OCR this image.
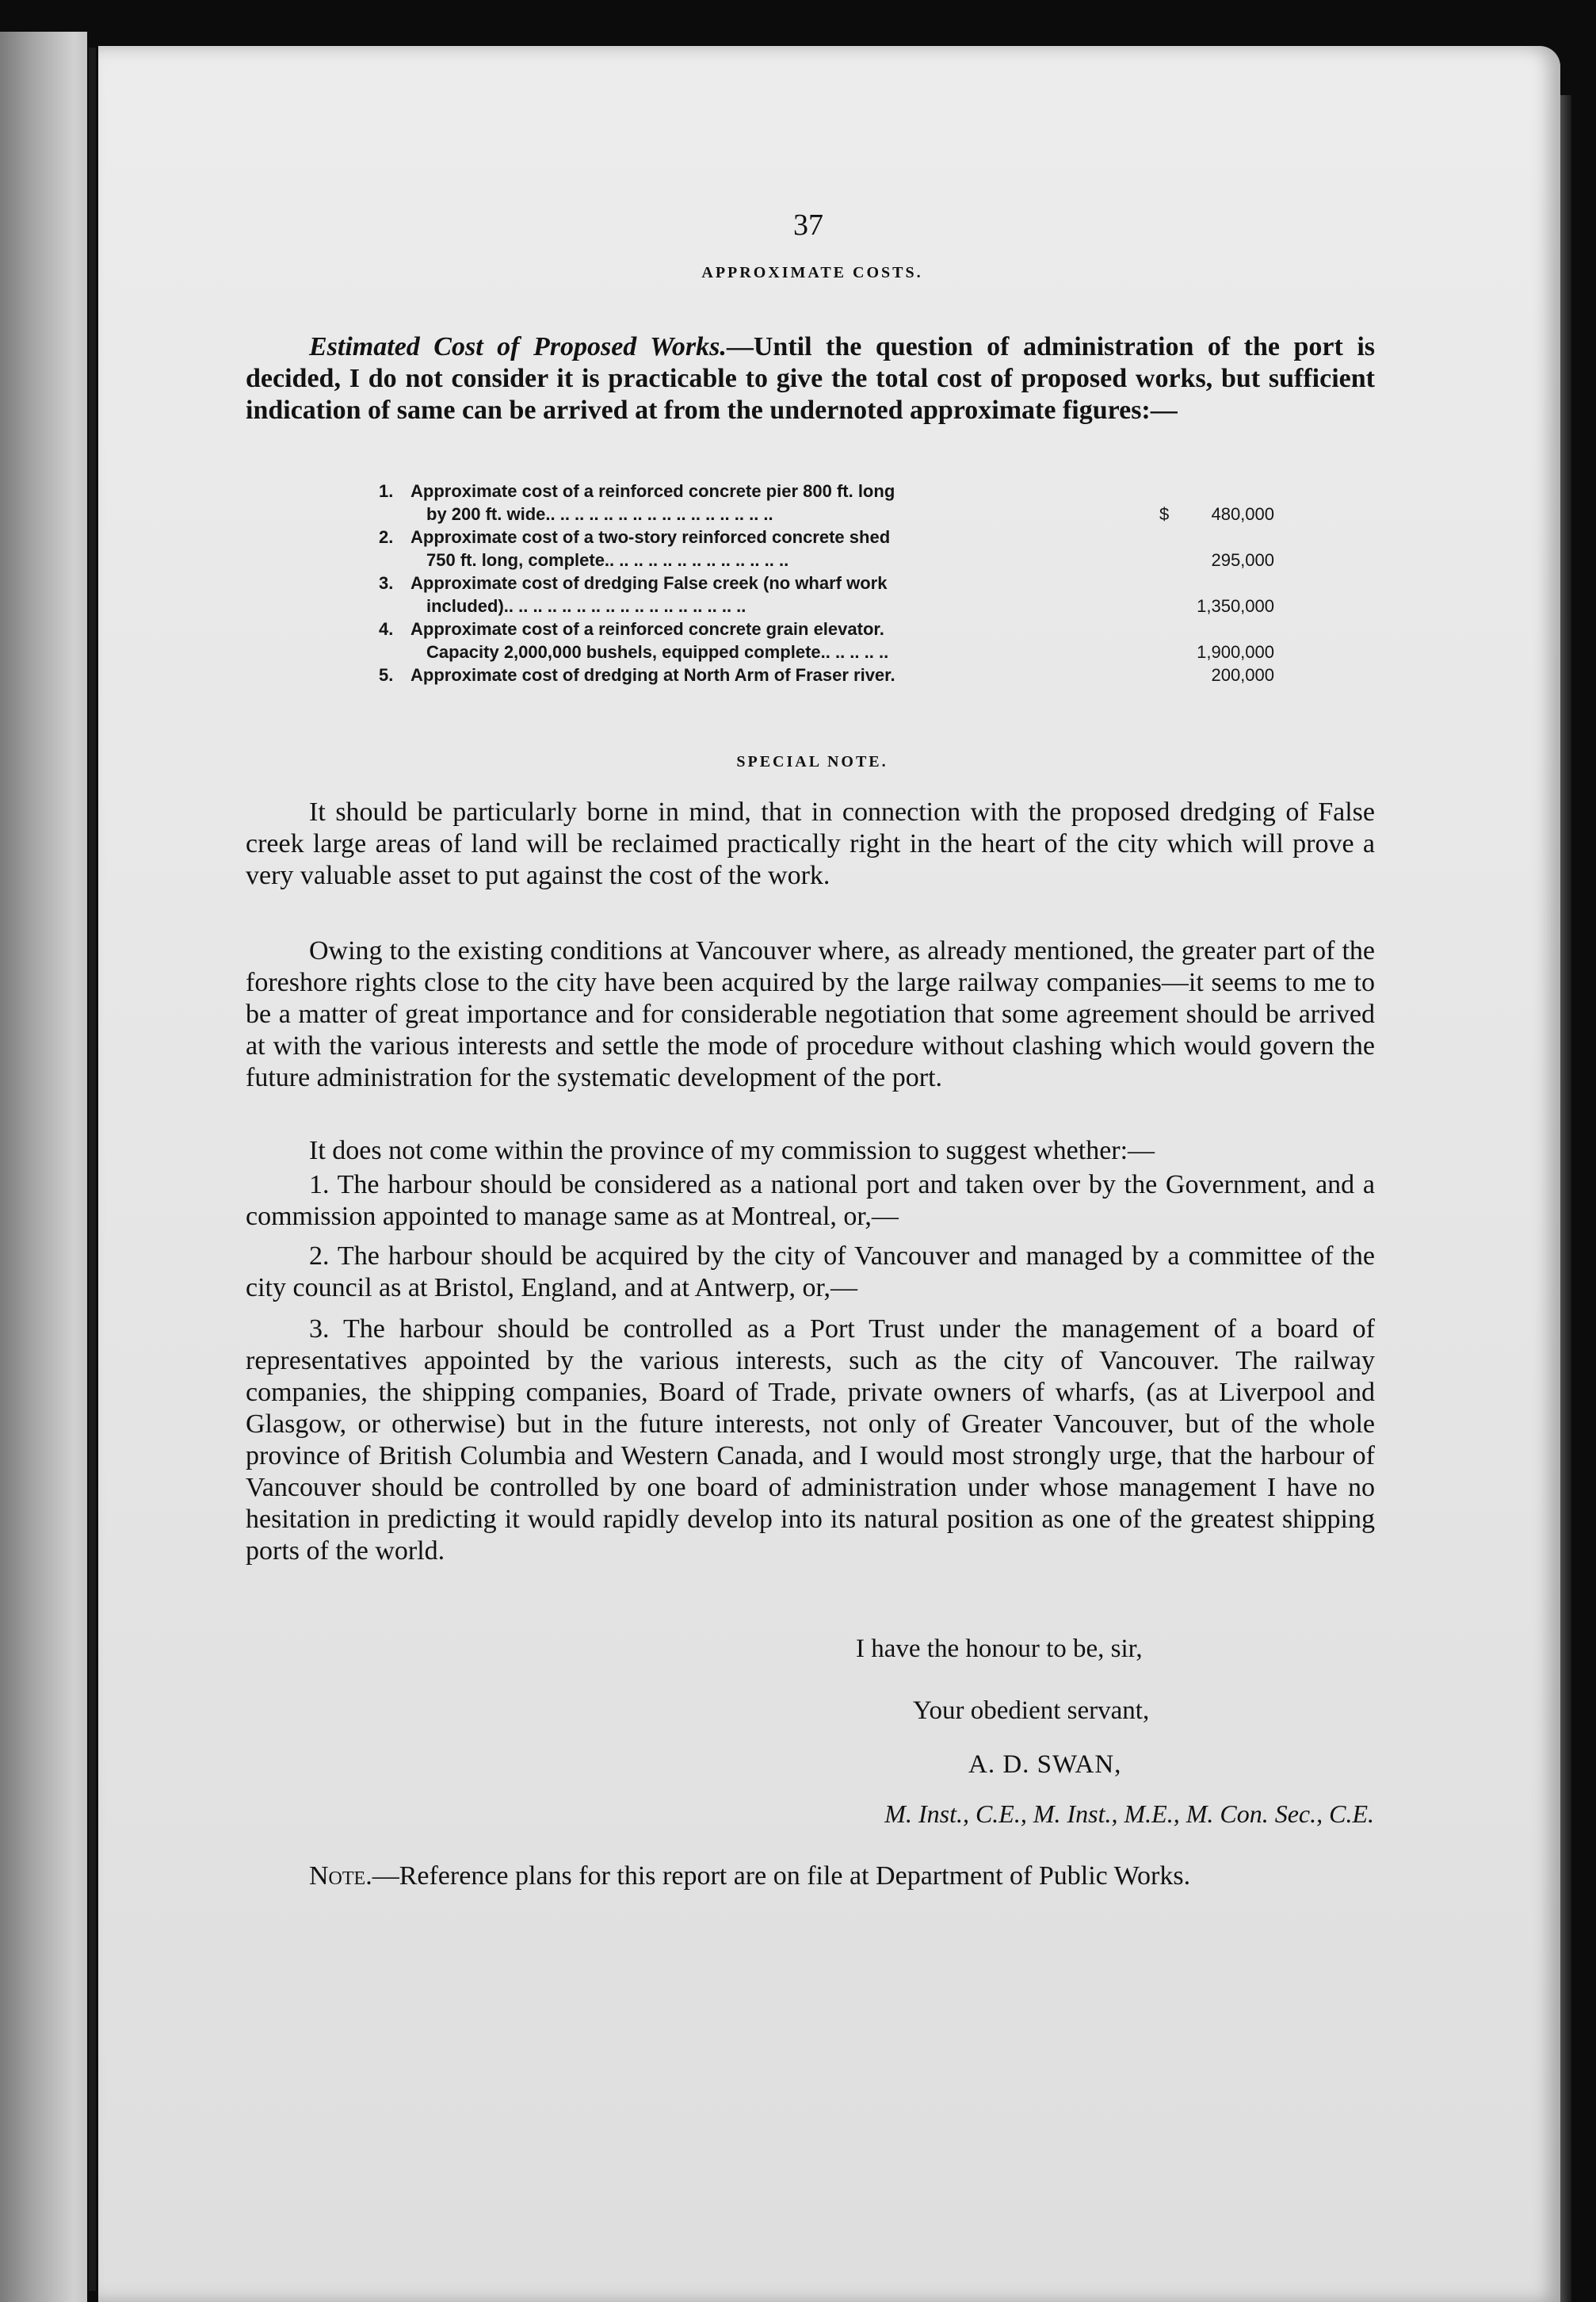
37
APPROXIMATE COSTS.

Estimated Cost of Proposed Works.—Until the question of administration of the port is decided, I do not consider it is practicable to give the total cost of proposed works, but sufficient indication of same can be arrived at from the undernoted approximate figures:—

1. Approximate cost of a reinforced concrete pier 800 ft. long
by 200 ft. wide.. .. .. .. .. .. .. .. .. .. .. .. .. .. .. ..	$ 480,000
2. Approximate cost of a two-story reinforced concrete shed
750 ft. long, complete.. .. .. .. .. .. .. .. .. .. .. .. ..	295,000
3. Approximate cost of dredging False creek (no wharf work
included).. .. .. .. .. .. .. .. .. .. .. .. .. .. .. .. ..	1,350,000
4. Approximate cost of a reinforced concrete grain elevator.
Capacity 2,000,000 bushels, equipped complete.. .. .. .. ..	1,900,000
5. Approximate cost of dredging at North Arm of Fraser river.	200,000
SPECIAL NOTE.

It should be particularly borne in mind, that in connection with the proposed dredging of False creek large areas of land will be reclaimed practically right in the heart of the city which will prove a very valuable asset to put against the cost of the work.

Owing to the existing conditions at Vancouver where, as already mentioned, the greater part of the foreshore rights close to the city have been acquired by the large railway companies—it seems to me to be a matter of great importance and for considerable negotiation that some agreement should be arrived at with the various interests and settle the mode of procedure without clashing which would govern the future administration for the systematic development of the port.

It does not come within the province of my commission to suggest whether:—

1. The harbour should be considered as a national port and taken over by the Government, and a commission appointed to manage same as at Montreal, or,—

2. The harbour should be acquired by the city of Vancouver and managed by a committee of the city council as at Bristol, England, and at Antwerp, or,—

3. The harbour should be controlled as a Port Trust under the management of a board of representatives appointed by the various interests, such as the city of Vancouver. The railway companies, the shipping companies, Board of Trade, private owners of wharfs, (as at Liverpool and Glasgow, or otherwise) but in the future interests, not only of Greater Vancouver, but of the whole province of British Columbia and Western Canada, and I would most strongly urge, that the harbour of Vancouver should be controlled by one board of administration under whose management I have no hesitation in predicting it would rapidly develop into its natural position as one of the greatest shipping ports of the world.

I have the honour to be, sir,
Your obedient servant,
A. D. SWAN,
M. Inst., C.E., M. Inst., M.E., M. Con. Sec., C.E.
Note.—Reference plans for this report are on file at Department of Public Works.
